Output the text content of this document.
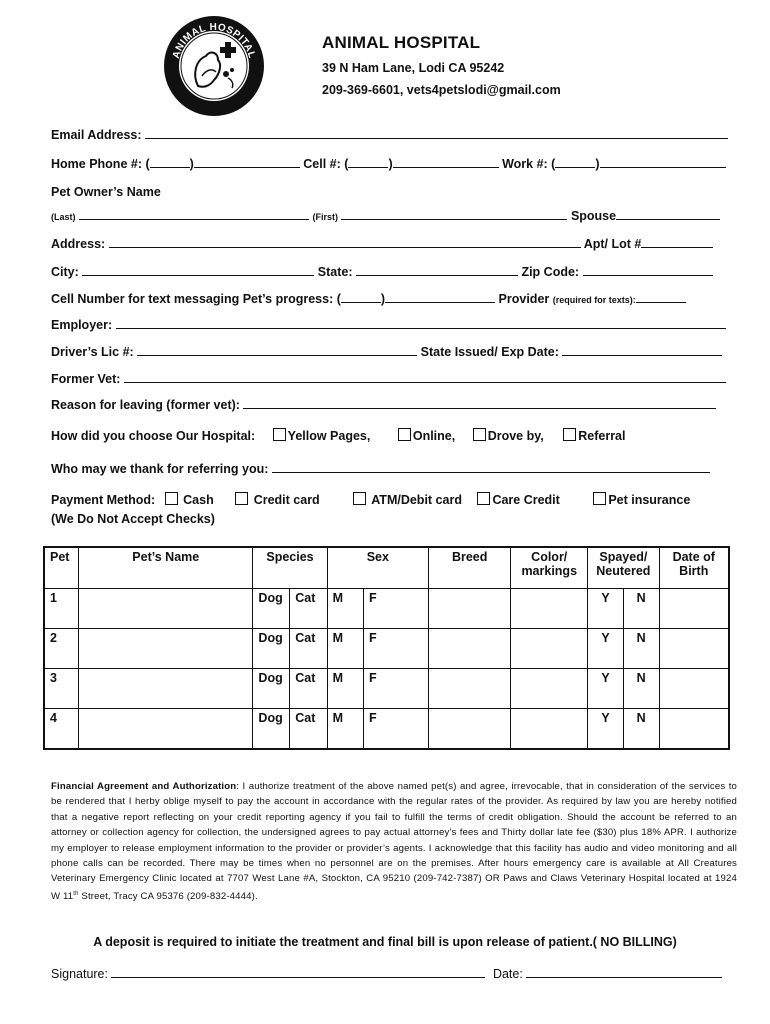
ANIMAL HOSPITAL
LODI, CA
ANIMAL HOSPITAL
39 N Ham Lane, Lodi CA 95242
209-369-6601, vets4petslodi@gmail.com
Email Address:
Home Phone #: (	)	Cell #: (	)	Work #: (	)
Pet Owner’s Name
(Last)	(First)	Spouse
Address:	Apt/ Lot #
City:	State:	Zip Code:
Cell Number for text messaging Pet’s progress: (	)	Provider (required for texts):
Employer:
Driver’s Lic #:	State Issued/ Exp Date:
Former Vet:
Reason for leaving (former vet):
How did you choose Our Hospital:	Yellow Pages,	Online,	Drove by,	Referral
Who may we thank for referring you:
Payment Method: Cash	Credit card	ATM/Debit card Care Credit	Pet insurance
(We Do Not Accept Checks)
Pet	Pet’s Name	Species		Sex		Breed	Color/ markings	Spayed/ Neutered		Date of Birth
1		Dog	Cat	M	F			Y	N	
2		Dog	Cat	M	F			Y	N	
3		Dog	Cat	M	F			Y	N	
4		Dog	Cat	M	F			Y	N	
Financial Agreement and Authorization: I authorize treatment of the above named pet(s) and agree, irrevocable, that in consideration of the services to be rendered that I herby oblige myself to pay the account in accordance with the regular rates of the provider. As required by law you are hereby notified that a negative report reflecting on your credit reporting agency if you fail to fulfill the terms of credit obligation. Should the account be referred to an attorney or collection agency for collection, the undersigned agrees to pay actual attorney’s fees and Thirty dollar late fee ($30) plus 18% APR. I authorize my employer to release employment information to the provider or provider’s agents. I acknowledge that this facility has audio and video monitoring and all phone calls can be recorded. There may be times when no personnel are on the premises. After hours emergency care is available at All Creatures Veterinary Emergency Clinic located at 7707 West Lane #A, Stockton, CA 95210 (209-742-7387) OR Paws and Claws Veterinary Hospital located at 1924 W 11th Street, Tracy CA 95376 (209-832-4444).
A deposit is required to initiate the treatment and final bill is upon release of patient.( NO BILLING)
Signature:	Date:
